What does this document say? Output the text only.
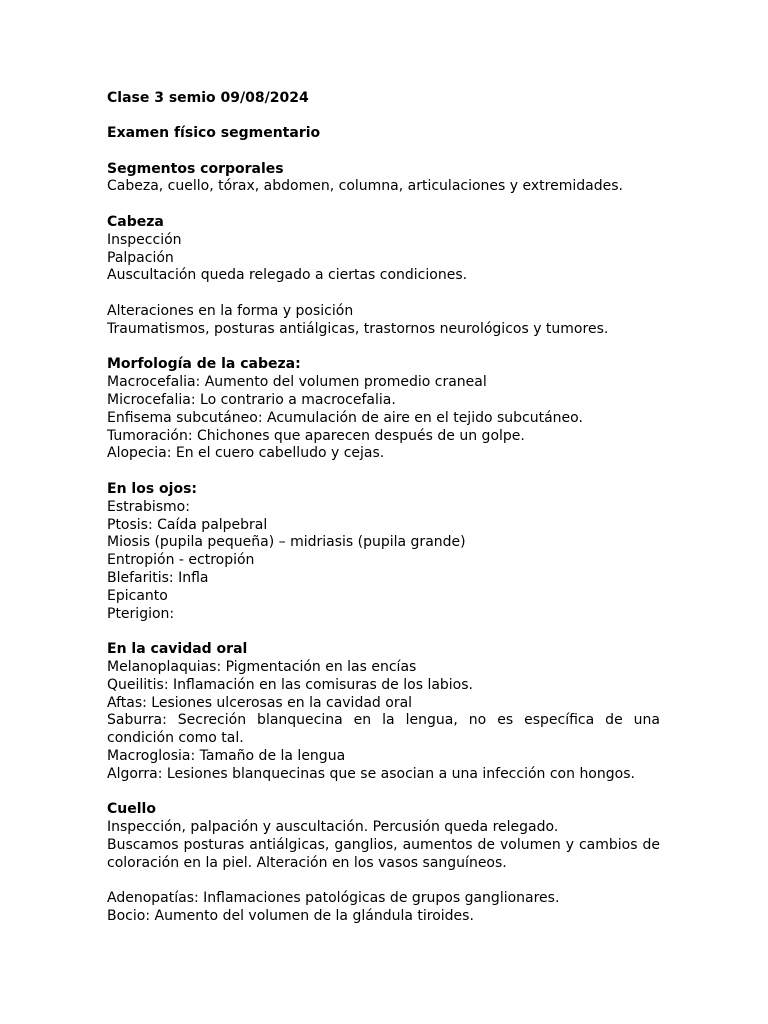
Clase 3 semio 09/08/2024
Examen físico segmentario
Segmentos corporales
Cabeza, cuello, tórax, abdomen, columna, articulaciones y extremidades.
Cabeza
Inspección
Palpación
Auscultación queda relegado a ciertas condiciones.
Alteraciones en la forma y posición
Traumatismos, posturas antiálgicas, trastornos neurológicos y tumores.
Morfología de la cabeza:
Macrocefalia: Aumento del volumen promedio craneal
Microcefalia: Lo contrario a macrocefalia.
Enfisema subcutáneo: Acumulación de aire en el tejido subcutáneo.
Tumoración: Chichones que aparecen después de un golpe.
Alopecia: En el cuero cabelludo y cejas.
En los ojos:
Estrabismo:
Ptosis: Caída palpebral
Miosis (pupila pequeña) – midriasis (pupila grande)
Entropión - ectropión
Blefaritis: Infla
Epicanto
Pterigion:
En la cavidad oral
Melanoplaquias: Pigmentación en las encías
Queilitis: Inflamación en las comisuras de los labios.
Aftas: Lesiones ulcerosas en la cavidad oral
Saburra: Secreción blanquecina en la lengua, no es específica de una condición como tal.
Macroglosia: Tamaño de la lengua
Algorra: Lesiones blanquecinas que se asocian a una infección con hongos.
Cuello
Inspección, palpación y auscultación. Percusión queda relegado.
Buscamos posturas antiálgicas, ganglios, aumentos de volumen y cambios de coloración en la piel. Alteración en los vasos sanguíneos.
Adenopatías: Inflamaciones patológicas de grupos ganglionares.
Bocio: Aumento del volumen de la glándula tiroides.
